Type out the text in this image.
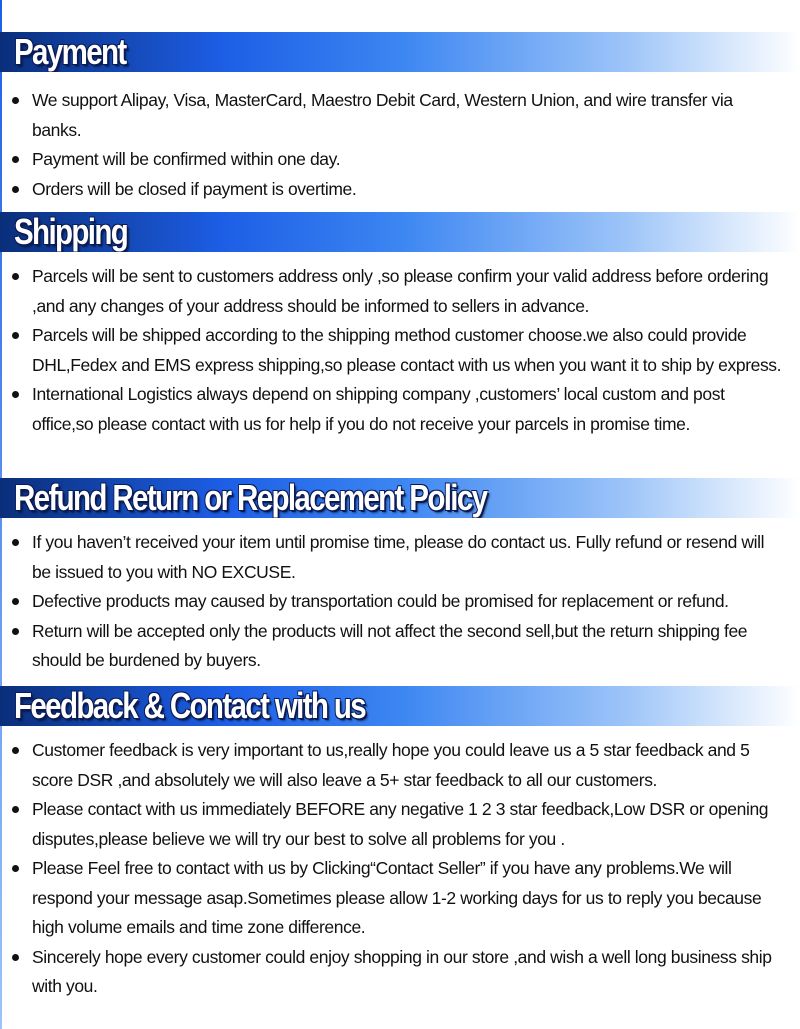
Payment
We support Alipay, Visa, MasterCard, Maestro Debit Card, Western Union, and wire transfer via banks.
Payment will be confirmed within one day.
Orders will be closed if payment is overtime.
Shipping
Parcels will be sent to customers address only ,so please confirm your valid address before ordering ,and any changes of your address should be informed to sellers in advance.
Parcels will be shipped according to the shipping method customer choose.we also could provide DHL,Fedex and EMS express shipping,so please contact with us when you want it to ship by express.
International Logistics always depend on shipping company ,customers’ local custom and post office,so please contact with us for help if you do not receive your parcels in promise time.
Refund Return or Replacement Policy
If you haven’t received your item until promise time, please do contact us. Fully refund or resend will be issued to you with NO EXCUSE.
Defective products may caused by transportation could be promised for replacement or refund.
Return will be accepted only the products will not affect the second sell,but the return shipping fee should be burdened by buyers.
Feedback & Contact with us
Customer feedback is very important to us,really hope you could leave us a 5 star feedback and 5 score DSR ,and absolutely we will also leave a 5+ star feedback to all our customers.
Please contact with us immediately BEFORE any negative 1 2 3 star feedback,Low DSR or opening disputes,please believe we will try our best to solve all problems for you .
Please Feel free to contact with us by Clicking“Contact Seller” if you have any problems.We will respond your message asap.Sometimes please allow 1-2 working days for us to reply you because high volume emails and time zone difference.
Sincerely hope every customer could enjoy shopping in our store ,and wish a well long business ship with you.
